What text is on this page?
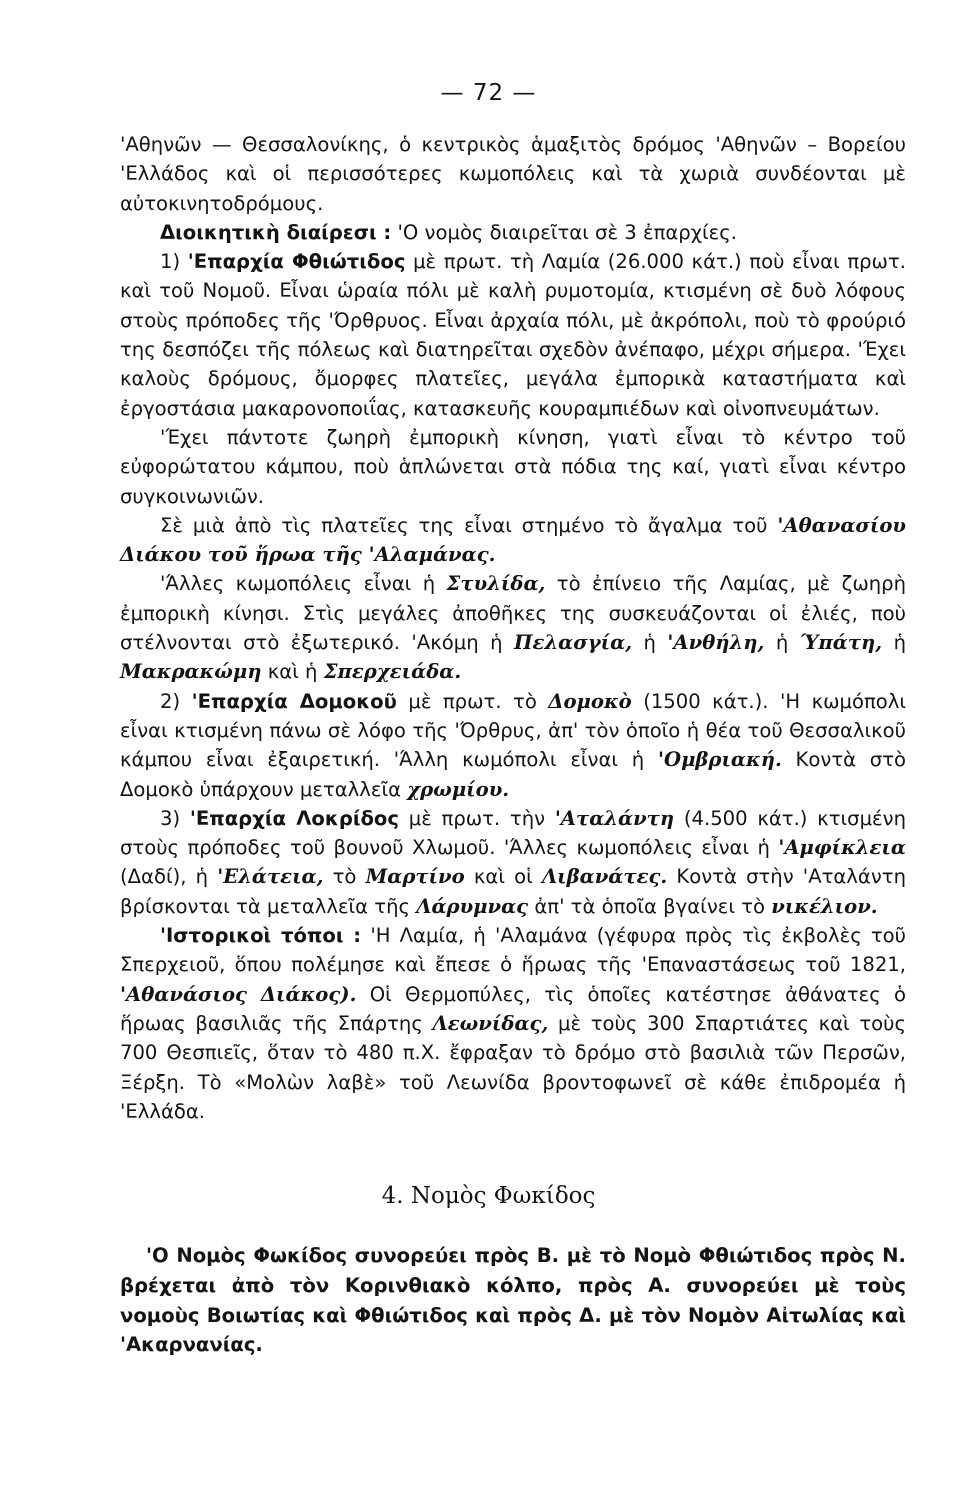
— 72 —

'Αθηνῶν — Θεσσαλονίκης, ὁ κεντρικὸς ἁμαξιτὸς δρόμος 'Αθηνῶν – Βορείου 'Ελλάδος καὶ οἱ περισσότερες κωμοπόλεις καὶ τὰ χωριὰ συνδέονται μὲ αὐτοκινητοδρόμους.

Διοικητικὴ διαίρεσι : 'Ο νομὸς διαιρεῖται σὲ 3 ἐπαρχίες.

1) 'Επαρχία Φθιώτιδος μὲ πρωτ. τὴ Λαμία (26.000 κάτ.) ποὺ εἶναι πρωτ. καὶ τοῦ Νομοῦ. Εἶναι ὡραία πόλι μὲ καλὴ ρυμοτομία, κτισμένη σὲ δυὸ λόφους στοὺς πρόποδες τῆς 'Όρθρυος. Εἶναι ἀρχαία πόλι, μὲ ἀκρόπολι, ποὺ τὸ φρούριό της δεσπόζει τῆς πόλεως καὶ διατηρεῖται σχεδὸν ἀνέπαφο, μέχρι σήμερα. 'Έχει καλοὺς δρόμους, ὄμορφες πλατεῖες, μεγάλα ἐμπορικὰ καταστήματα καὶ ἐργοστάσια μακαρονοποιΐας, κατασκευῆς κουραμπιέδων καὶ οἰνοπνευμάτων.

'Έχει πάντοτε ζωηρὴ ἐμπορικὴ κίνηση, γιατὶ εἶναι τὸ κέντρο τοῦ εὐφορώτατου κάμπου, ποὺ ἁπλώνεται στὰ πόδια της καί, γιατὶ εἶναι κέντρο συγκοινωνιῶν.

Σὲ μιὰ ἀπὸ τὶς πλατεῖες της εἶναι στημένο τὸ ἄγαλμα τοῦ 'Αθανασίου Διάκου τοῦ ἥρωα τῆς 'Αλαμάνας.

'Άλλες κωμοπόλεις εἶναι ἡ Στυλίδα, τὸ ἐπίνειο τῆς Λαμίας, μὲ ζωηρὴ ἐμπορικὴ κίνησι. Στὶς μεγάλες ἀποθῆκες της συσκευάζονται οἱ ἐλιές, ποὺ στέλνονται στὸ ἐξωτερικό. 'Ακόμη ἡ Πελασγία, ἡ 'Ανθήλη, ἡ Ύπάτη, ἡ Μακρακώμη καὶ ἡ Σπερχειάδα.

2) 'Επαρχία Δομοκοῦ μὲ πρωτ. τὸ Δομοκὸ (1500 κάτ.). 'Η κωμόπολι εἶναι κτισμένη πάνω σὲ λόφο τῆς 'Όρθρυς, ἀπ' τὸν ὁποῖο ἡ θέα τοῦ Θεσσαλικοῦ κάμπου εἶναι ἐξαιρετική. 'Άλλη κωμόπολι εἶναι ἡ 'Ομβριακή. Κοντὰ στὸ Δομοκὸ ὑπάρχουν μεταλλεῖα χρωμίου.

3) 'Επαρχία Λοκρίδος μὲ πρωτ. τὴν 'Αταλάντη (4.500 κάτ.) κτισμένη στοὺς πρόποδες τοῦ βουνοῦ Χλωμοῦ. 'Άλλες κωμοπόλεις εἶναι ἡ 'Αμφίκλεια (Δαδί), ἡ 'Ελάτεια, τὸ Μαρτίνο καὶ οἱ Λιβανάτες. Κοντὰ στὴν 'Αταλάντη βρίσκονται τὰ μεταλλεῖα τῆς Λάρυμνας ἀπ' τὰ ὁποῖα βγαίνει τὸ νικέλιον.

'Ιστορικοὶ τόποι : 'Η Λαμία, ἡ 'Αλαμάνα (γέφυρα πρὸς τὶς ἐκβολὲς τοῦ Σπερχειοῦ, ὅπου πολέμησε καὶ ἔπεσε ὁ ἥρωας τῆς 'Επαναστάσεως τοῦ 1821, 'Αθανάσιος Διάκος). Οἱ Θερμοπύλες, τὶς ὁποῖες κατέστησε ἀθάνατες ὁ ἥρωας βασιλιᾶς τῆς Σπάρτης Λεωνίδας, μὲ τοὺς 300 Σπαρτιάτες καὶ τοὺς 700 Θεσπιεῖς, ὅταν τὸ 480 π.Χ. ἔφραξαν τὸ δρόμο στὸ βασιλιὰ τῶν Περσῶν, Ξέρξη. Τὸ «Μολὼν λαβὲ» τοῦ Λεωνίδα βροντοφωνεῖ σὲ κάθε ἐπιδρομέα ἡ 'Ελλάδα.

4. Νομὸς Φωκίδος

'Ο Νομὸς Φωκίδος συνορεύει πρὸς Β. μὲ τὸ Νομὸ Φθιώτιδος πρὸς Ν. βρέχεται ἀπὸ τὸν Κορινθιακὸ κόλπο, πρὸς Α. συνορεύει μὲ τοὺς νομοὺς Βοιωτίας καὶ Φθιώτιδος καὶ πρὸς Δ. μὲ τὸν Νομὸν Αἰτωλίας καὶ 'Ακαρνανίας.
